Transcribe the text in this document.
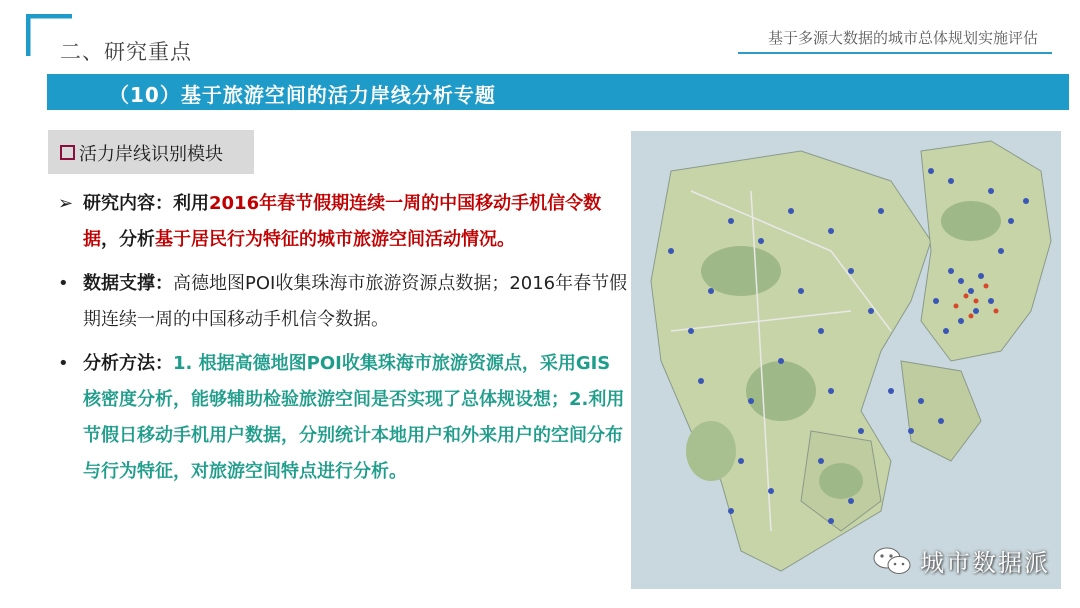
二、研究重点
基于多源大数据的城市总体规划实施评估
（10）基于旅游空间的活力岸线分析专题
活力岸线识别模块
➢ 研究内容：利用2016年春节假期连续一周的中国移动手机信令数据，分析基于居民行为特征的城市旅游空间活动情况。
• 数据支撑：高德地图POI收集珠海市旅游资源点数据；2016年春节假期连续一周的中国移动手机信令数据。
• 分析方法：1. 根据高德地图POI收集珠海市旅游资源点，采用GIS核密度分析，能够辅助检验旅游空间是否实现了总体规设想；2.利用节假日移动手机用户数据，分别统计本地用户和外来用户的空间分布与行为特征，对旅游空间特点进行分析。
城市数据派
